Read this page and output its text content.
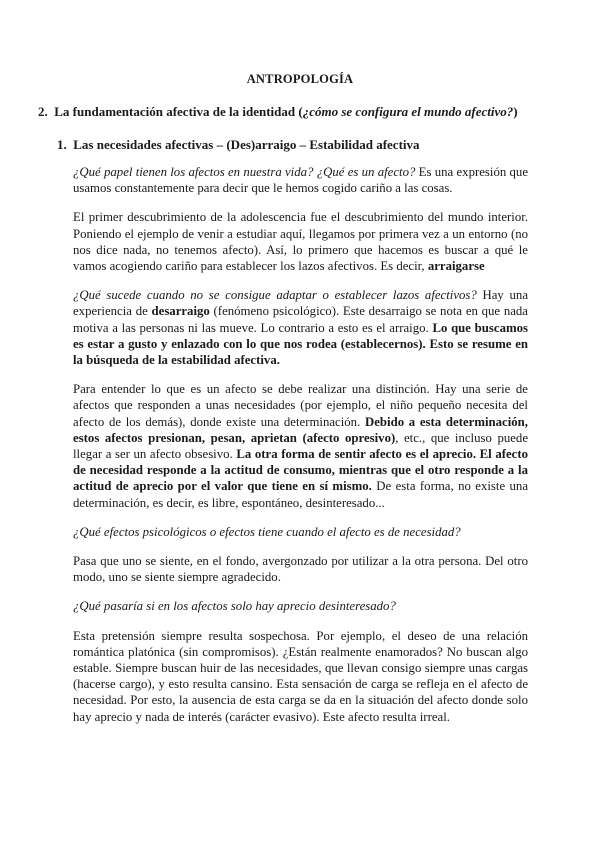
ANTROPOLOGÍA
2. La fundamentación afectiva de la identidad (¿cómo se configura el mundo afectivo?)
1. Las necesidades afectivas – (Des)arraigo – Estabilidad afectiva

¿Qué papel tienen los afectos en nuestra vida? ¿Qué es un afecto? Es una expresión que usamos constantemente para decir que le hemos cogido cariño a las cosas.

El primer descubrimiento de la adolescencia fue el descubrimiento del mundo interior. Poniendo el ejemplo de venir a estudiar aquí, llegamos por primera vez a un entorno (no nos dice nada, no tenemos afecto). Así, lo primero que hacemos es buscar a qué le vamos acogiendo cariño para establecer los lazos afectivos. Es decir, arraigarse

¿Qué sucede cuando no se consigue adaptar o establecer lazos afectivos? Hay una experiencia de desarraigo (fenómeno psicológico). Este desarraigo se nota en que nada motiva a las personas ni las mueve. Lo contrario a esto es el arraigo. Lo que buscamos es estar a gusto y enlazado con lo que nos rodea (establecernos). Esto se resume en la búsqueda de la estabilidad afectiva.

Para entender lo que es un afecto se debe realizar una distinción. Hay una serie de afectos que responden a unas necesidades (por ejemplo, el niño pequeño necesita del afecto de los demás), donde existe una determinación. Debido a esta determinación, estos afectos presionan, pesan, aprietan (afecto opresivo), etc., que incluso puede llegar a ser un afecto obsesivo. La otra forma de sentir afecto es el aprecio. El afecto de necesidad responde a la actitud de consumo, mientras que el otro responde a la actitud de aprecio por el valor que tiene en sí mismo. De esta forma, no existe una determinación, es decir, es libre, espontáneo, desinteresado...

¿Qué efectos psicológicos o efectos tiene cuando el afecto es de necesidad?

Pasa que uno se siente, en el fondo, avergonzado por utilizar a la otra persona. Del otro modo, uno se siente siempre agradecido.

¿Qué pasaría si en los afectos solo hay aprecio desinteresado?

Esta pretensión siempre resulta sospechosa. Por ejemplo, el deseo de una relación romántica platónica (sin compromisos). ¿Están realmente enamorados? No buscan algo estable. Siempre buscan huir de las necesidades, que llevan consigo siempre unas cargas (hacerse cargo), y esto resulta cansino. Esta sensación de carga se refleja en el afecto de necesidad. Por esto, la ausencia de esta carga se da en la situación del afecto donde solo hay aprecio y nada de interés (carácter evasivo). Este afecto resulta irreal.
